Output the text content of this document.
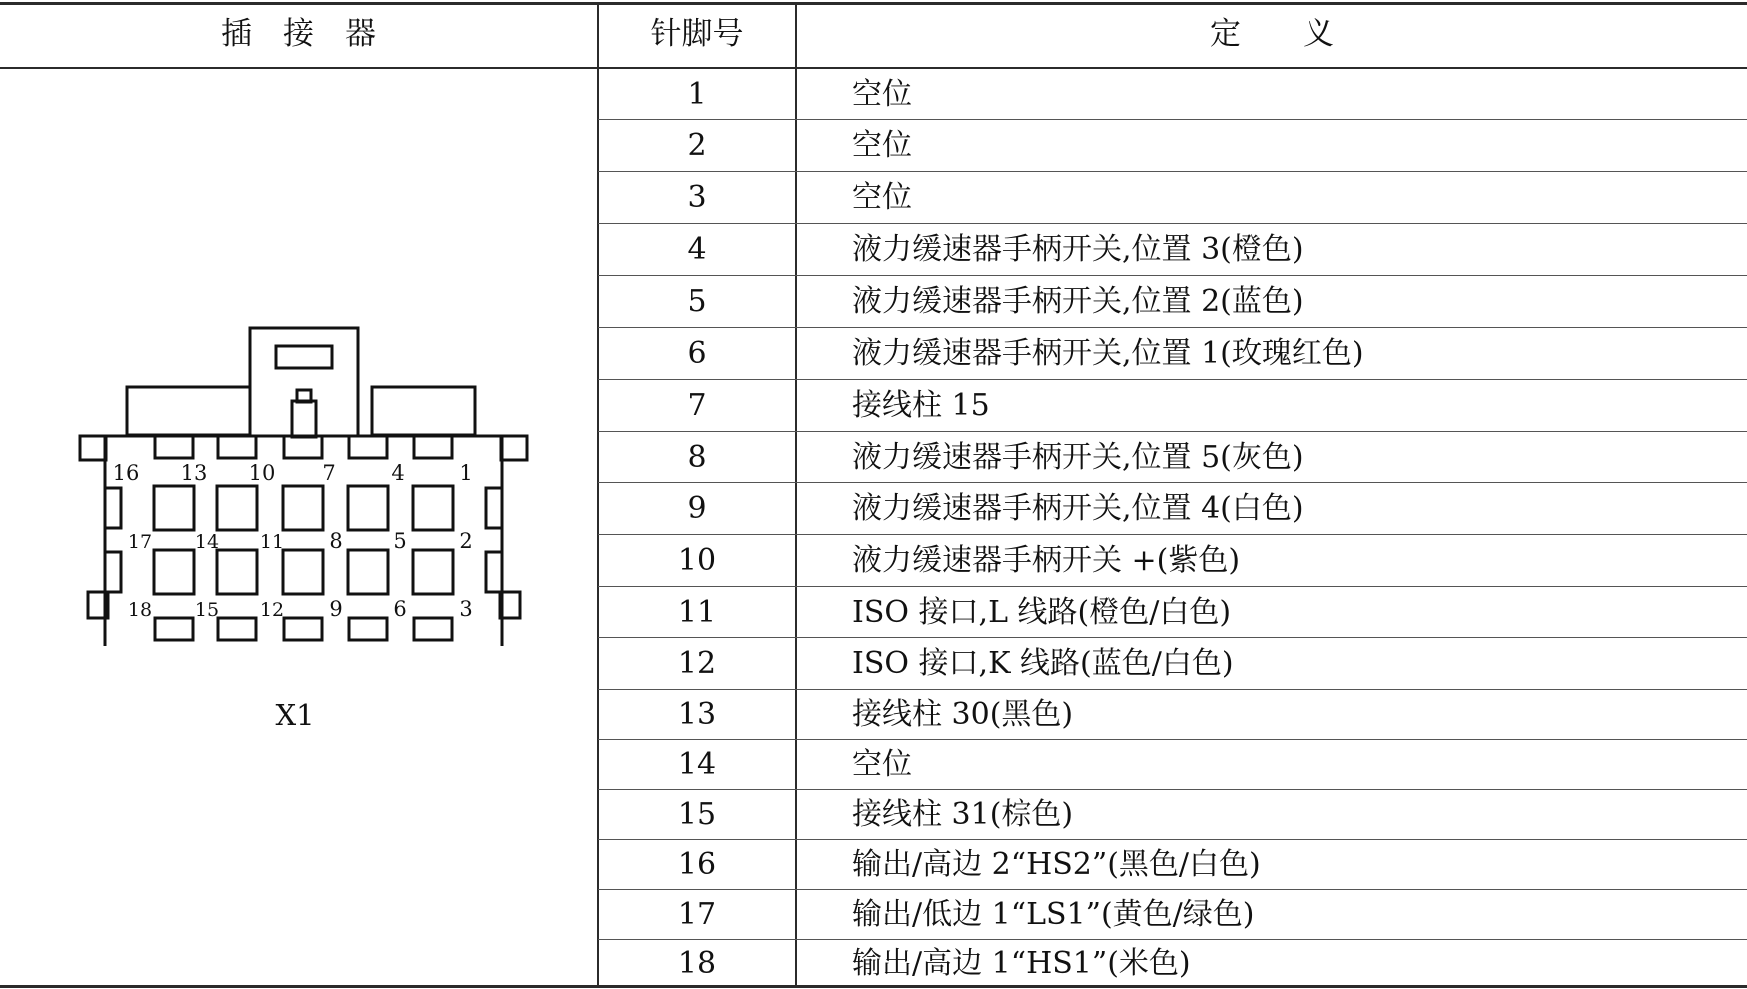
插　接　器	针脚号	定　　义
16 13 10 7	4	1
17 14 11 8 5	2
18 15 12 9 6	3
X1
1	空位
2	空位
3	空位
4	液力缓速器手柄开关,位置 3(橙色)
5	液力缓速器手柄开关,位置 2(蓝色)
6	液力缓速器手柄开关,位置 1(玫瑰红色)
7	接线柱 15
8	液力缓速器手柄开关,位置 5(灰色)
9	液力缓速器手柄开关,位置 4(白色)
10	液力缓速器手柄开关 +(紫色)
11	ISO 接口,L 线路(橙色/白色)
12	ISO 接口,K 线路(蓝色/白色)
13	接线柱 30(黑色)
14	空位
15	接线柱 31(棕色)
16	输出/高边 2“HS2”(黑色/白色)
17	输出/低边 1“LS1”(黄色/绿色)
18	输出/高边 1“HS1”(米色)
